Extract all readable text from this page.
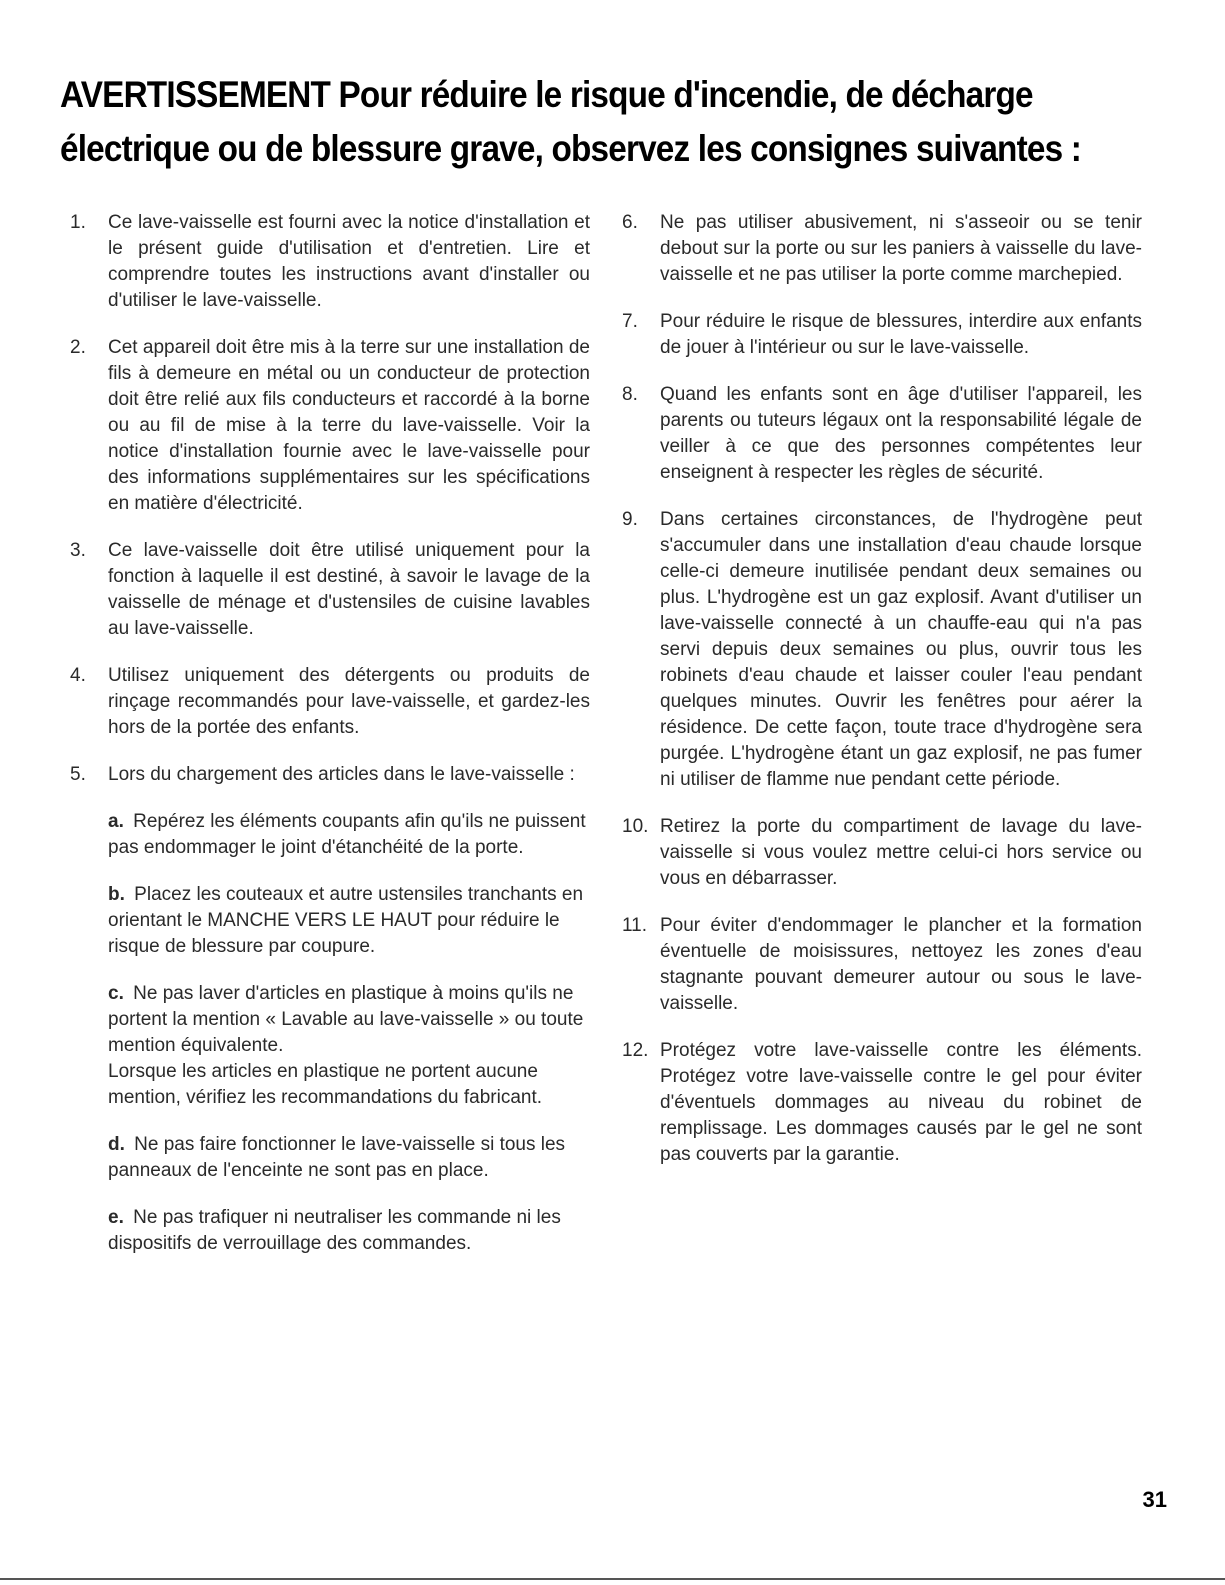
AVERTISSEMENT Pour réduire le risque d'incendie, de décharge électrique ou de blessure grave, observez les consignes suivantes :
1. Ce lave-vaisselle est fourni avec la notice d'installation et le présent guide d'utilisation et d'entretien. Lire et comprendre toutes les instructions avant d'installer ou d'utiliser le lave-vaisselle.
2. Cet appareil doit être mis à la terre sur une installation de fils à demeure en métal ou un conducteur de protection doit être relié aux fils conducteurs et raccordé à la borne ou au fil de mise à la terre du lave-vaisselle. Voir la notice d'installation fournie avec le lave-vaisselle pour des informations supplémentaires sur les spécifications en matière d'électricité.
3. Ce lave-vaisselle doit être utilisé uniquement pour la fonction à laquelle il est destiné, à savoir le lavage de la vaisselle de ménage et d'ustensiles de cuisine lavables au lave-vaisselle.
4. Utilisez uniquement des détergents ou produits de rinçage recommandés pour lave-vaisselle, et gardez-les hors de la portée des enfants.
5. Lors du chargement des articles dans le lave-vaisselle :
a. Repérez les éléments coupants afin qu'ils ne puissent pas endommager le joint d'étanchéité de la porte.
b. Placez les couteaux et autre ustensiles tranchants en orientant le MANCHE VERS LE HAUT pour réduire le risque de blessure par coupure.

c. Ne pas laver d'articles en plastique à moins qu'ils ne portent la mention « Lavable au lave-vaisselle » ou toute mention équivalente.

Lorsque les articles en plastique ne portent aucune mention, vérifiez les recommandations du fabricant.

d. Ne pas faire fonctionner le lave-vaisselle si tous les panneaux de l'enceinte ne sont pas en place.
e. Ne pas trafiquer ni neutraliser les commande ni les dispositifs de verrouillage des commandes.
6. Ne pas utiliser abusivement, ni s'asseoir ou se tenir debout sur la porte ou sur les paniers à vaisselle du lave-vaisselle et ne pas utiliser la porte comme marchepied.
7. Pour réduire le risque de blessures, interdire aux enfants de jouer à l'intérieur ou sur le lave-vaisselle.
8. Quand les enfants sont en âge d'utiliser l'appareil, les parents ou tuteurs légaux ont la responsabilité légale de veiller à ce que des personnes compétentes leur enseignent à respecter les règles de sécurité.
9. Dans certaines circonstances, de l'hydrogène peut s'accumuler dans une installation d'eau chaude lorsque celle-ci demeure inutilisée pendant deux semaines ou plus. L'hydrogène est un gaz explosif. Avant d'utiliser un lave-vaisselle connecté à un chauffe-eau qui n'a pas servi depuis deux semaines ou plus, ouvrir tous les robinets d'eau chaude et laisser couler l'eau pendant quelques minutes. Ouvrir les fenêtres pour aérer la résidence. De cette façon, toute trace d'hydrogène sera purgée. L'hydrogène étant un gaz explosif, ne pas fumer ni utiliser de flamme nue pendant cette période.
10. Retirez la porte du compartiment de lavage du lave-vaisselle si vous voulez mettre celui-ci hors service ou vous en débarrasser.
11. Pour éviter d'endommager le plancher et la formation éventuelle de moisissures, nettoyez les zones d'eau stagnante pouvant demeurer autour ou sous le lave-vaisselle.
12. Protégez votre lave-vaisselle contre les éléments. Protégez votre lave-vaisselle contre le gel pour éviter d'éventuels dommages au niveau du robinet de remplissage. Les dommages causés par le gel ne sont pas couverts par la garantie.
31
